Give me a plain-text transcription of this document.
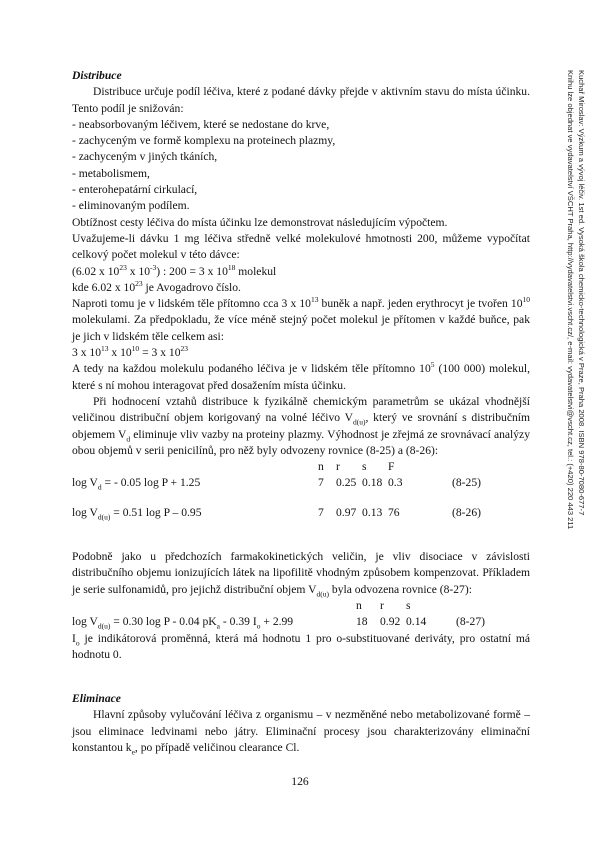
Distribuce

Distribuce určuje podíl léčiva, které z podané dávky přejde v aktivním stavu do místa účinku. Tento podíl je snižován:

- neabsorbovaným léčivem, které se nedostane do krve,

- zachyceným ve formě komplexu na proteinech plazmy,

- zachyceným v jiných tkáních,

- metabolismem,

- enterohepatární cirkulací,

- eliminovaným podílem.

Obtížnost cesty léčiva do místa účinku lze demonstrovat následujícím výpočtem.

Uvažujeme-li dávku 1 mg léčiva středně velké molekulové hmotnosti 200, můžeme vypočítat celkový počet molekul v této dávce:

(6.02 x $10^{23}$ x $10^{-3}$) : 200 = 3 x $10^{18}$ molekul

kde 6.02 x $10^{23}$ je Avogadrovo číslo.

Naproti tomu je v lidském těle přítomno cca 3 x $10^{13}$ buněk a např. jeden erythrocyt je tvořen $10^{10}$ molekulami. Za předpokladu, že více méně stejný počet molekul je přítomen v každé buňce, pak je jich v lidském těle celkem asi:

3 x $10^{13}$ x $10^{10} = 3$ x $10^{23}$

A tedy na každou molekulu podaného léčiva je v lidském těle přítomno $10^5$ (100 000) molekul, které s ní mohou interagovat před dosažením místa účinku.

Při hodnocení vztahů distribuce k fyzikálně chemickým parametrům se ukázal vhodnější veličinou distribuční objem korigovaný na volné léčivo $V_{d(u)}$, který ve srovnání s distribučním objemem $V_d$ eliminuje vliv vazby na proteiny plazmy. Výhodnost je zřejmá ze srovnávací analýzy obou objemů v serii penicilínů, pro něž byly odvozeny rovnice (8-25) a (8-26):

	n	r	s	F	
$\log V_d$ = - 0.05 log P + 1.25	7	0.25	0.18	0.3	(8-25)

$\log V_{d(u)} = 0.51$ log P – 0.95	7	0.97	0.13	76	(8-26)

Podobně jako u předchozích farmakokinetických veličin, je vliv disociace v závislosti distribučního objemu ionizujících látek na lipofilitě vhodným způsobem kompenzovat. Příkladem je serie sulfonamidů, pro jejichž distribuční objem $V_{d(u)}$ byla odvozena rovnice (8-27):

	n	r	s	
$\log V_{d(u)} = 0.30$ log P - 0.04 $pK_a - 0.39$ $I_o + 2.99$	18	0.92	0.14	(8-27)

$I_o$ je indikátorová proměnná, která má hodnotu 1 pro o-substituované deriváty, pro ostatní má hodnotu 0.

Eliminace

Hlavní způsoby vylučování léčiva z organismu – v nezměněné nebo metabolizované formě – jsou eliminace ledvinami nebo játry. Eliminační procesy jsou charakterizovány eliminační konstantou $k_e$, po případě veličinou clearance Cl.

126
Kuchař Miroslav: Výzkum a vývoj léčiv. 1st ed. Vysoká škola chemicko-technologická v Praze, Praha 2008. ISBN 978-80-7080-677-7
Knihu lze objednat ve vydavatelství VŠCHT Praha, http://vydavatelstvi.vscht.cz/, e-mail: vydavatelstvi@vscht.cz, tel.: (+420) 220 443 211
